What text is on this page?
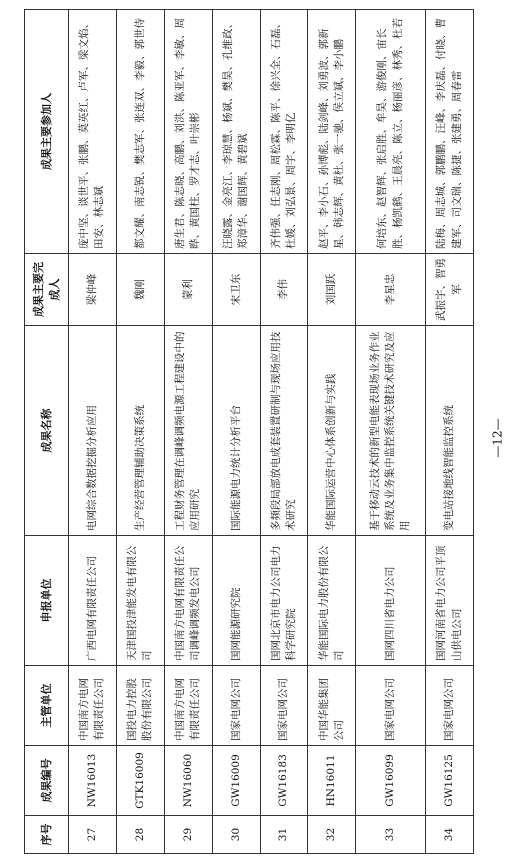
序号	成果编号	主管单位	申报单位	成果名称	成果主要完成人	成果主要参加人
27	NW16013	中国南方电网有限责任公司	广西电网有限责任公司	电网综合数据挖掘分析应用	梁仲峰	庞中坚、谈世平、张鹏、莫英红、卢军、梁文焰、田安、林志斌
28	GTK16009	国投电力控股股份有限公司	天津国投津能发电有限公司	生产经营管理辅助决策系统	魏刚	都文耀、南志锐、樊志军、张连双、李毅、郭世侍
29	NW16060	中国南方电网有限责任公司	中国南方电网有限责任公司调峰调频发电公司	工程财务管理在调峰调频电源工程建设中的应用研究	蒙利	唐生君、陈志晓、高鹏、刘洪、陈亚军、李敏、周晔、黄国柱、罗才志、叶崇彬
30	GW16009	国家电网公司	国网能源研究院	国际能源电力统计分析平台	宋卫东	汪晓露、金亮江、李琼慧、杨斌、樊昊、孔维政、郑漳华、谢国辉、黄碧斌
31	GW16183	国家电网公司	国网北京市电力公司电力科学研究院	多频段局部放电成套装置研制与现场应用技术研究	李伟	齐伟强、任志刚、周松霖、陈平、徐兴全、石磊、杜媛、刘弘景、周宇、李明亿
32	HN16011	中国华能集团公司	华能国际电力股份有限公司	华能国际运营中心体系创新与实践	刘国跃	赵平、李小石、孙博彪、陆剑峰、刘勇波、郭新星、韩志辉、黄杜、张一驰、侯立斌、李小鹏
33	GW16099	国家电网公司	国网四川省电力公司	基于移动云技术的新型电能表现场业务作业系统及业务集中监控系统关键技术研究及应用	李星忠	何培东、赵智辉、张启胜、牟昊、游俊刚、宙长胜、杨凯鹤、王晨亮、陈立、杨丽彦、林秀、杜若
34	GW16125	国家电网公司	国网河南省电力公司平顶山供电公司	变电站接地线智能监控系统	武振宇、智勇军	陆梅、周志城、郭鹏鹏、汪峰、李庆磊、付晓、曹建军、司文瑞、陈捷、张建勇、周春雷
—12—
